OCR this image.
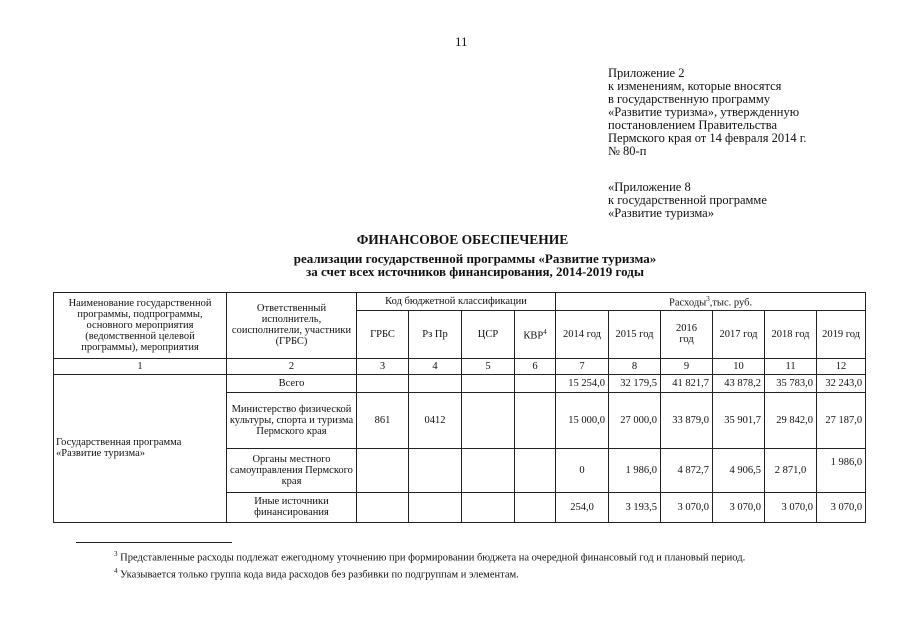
11
Приложение 2
к изменениям, которые вносятся
в государственную программу
«Развитие туризма», утвержденную
постановлением Правительства
Пермского края от 14 февраля 2014 г.
№ 80-п
«Приложение 8
к государственной программе
«Развитие туризма»
ФИНАНСОВОЕ ОБЕСПЕЧЕНИЕ
реализации государственной программы «Развитие туризма»
за счет всех источников финансирования, 2014-2019 годы
Наименование государственной программы, подпрограммы, основного мероприятия (ведомственной целевой программы), мероприятия	Ответственный исполнитель, соисполнители, участники (ГРБС)	Код бюджетной классификации				Расходы$^3$,тыс. руб.					
		ГРБС	Рз Пр	ЦСР	КВР$^4$	2014 год	2015 год	2016 год	2017 год	2018 год	2019 год
1	2	3	4	5	6	7	8	9	10	11	12
Государственная программа «Развитие туризма»	Всего					15 254,0	32 179,5	41 821,7	43 878,2	35 783,0	32 243,0
	Министерство физической культуры, спорта и туризма Пермского края	861	0412			15 000,0	27 000,0	33 879,0	35 901,7	29 842,0	27 187,0
	Органы местного самоуправления Пермского края					0	1 986,0	4 872,7	4 906,5	2 871,0	1 986,0
	Иные источники финансирования					254,0	3 193,5	3 070,0	3 070,0	3 070,0	3 070,0
$^3$ Представленные расходы подлежат ежегодному уточнению при формировании бюджета на очередной финансовый год и плановый период.
$^4$ Указывается только группа кода вида расходов без разбивки по подгруппам и элементам.
